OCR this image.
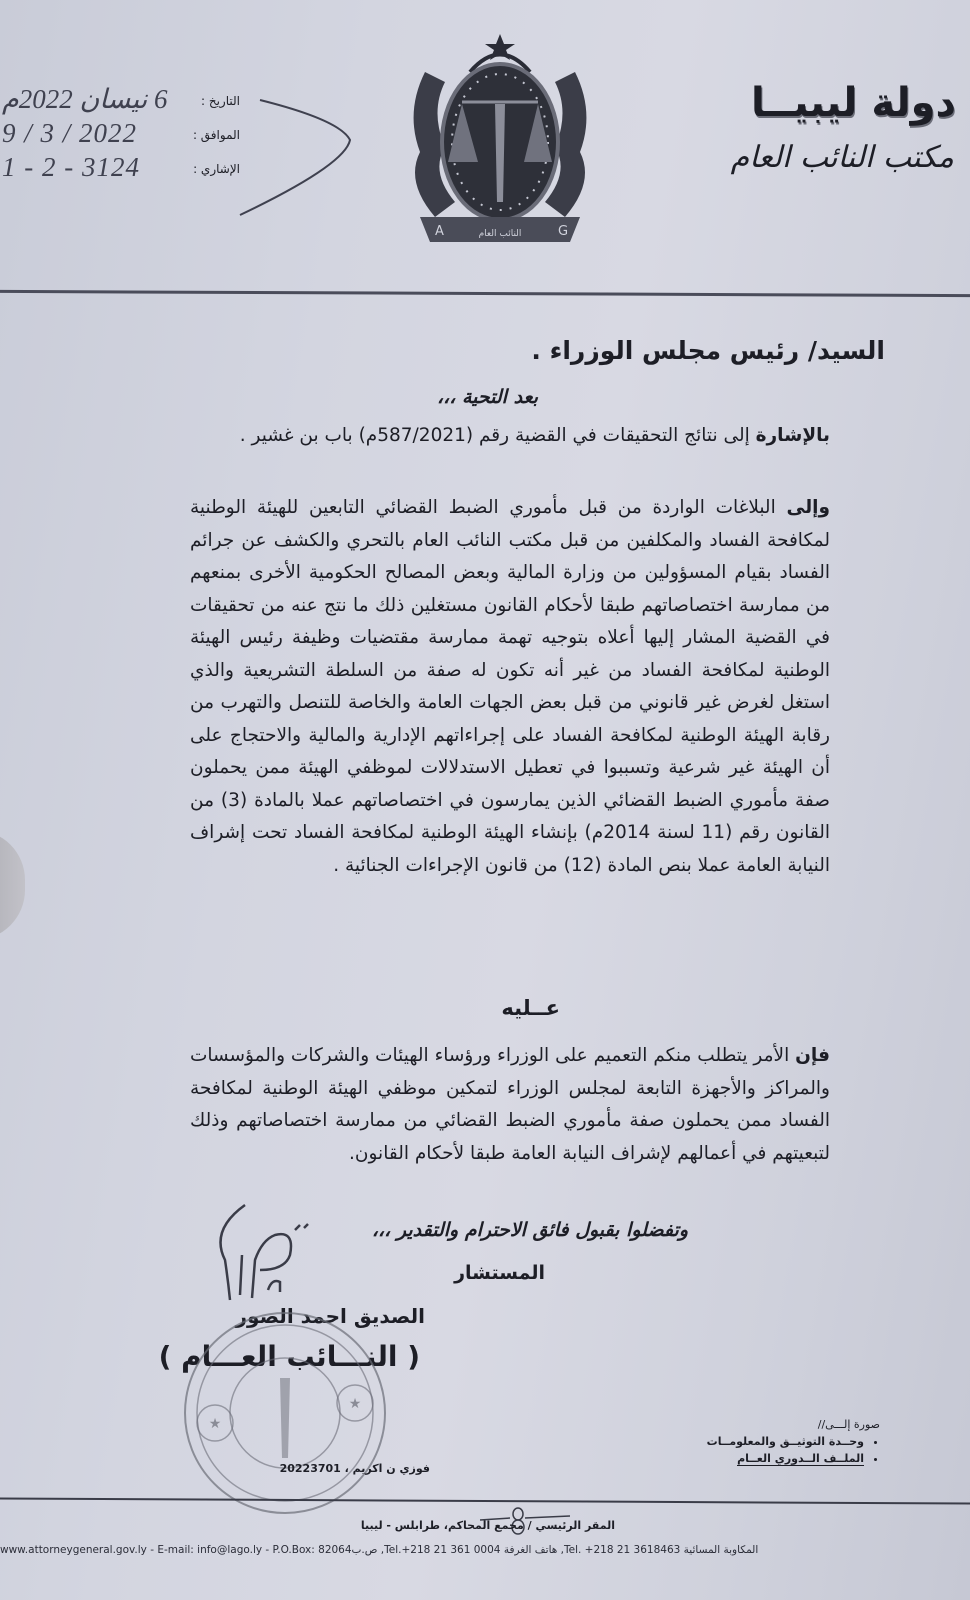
دولة ليبيــا
مكتب النائب العام
التاريخ :
6 نيسان 2022م
الموافق :
2022 / 3 / 9
الإشاري :
3124 - 2 - 1
A	G
النائب العام
السيد/ رئيس مجلس الوزراء .
بعد التحية ،،،
بالإشارة إلى نتائج التحقيقات في القضية رقم (587/2021م) باب بن غشير .
وإلى البلاغات الواردة من قبل مأموري الضبط القضائي التابعين للهيئة الوطنية لمكافحة الفساد والمكلفين من قبل مكتب النائب العام بالتحري والكشف عن جرائم الفساد بقيام المسؤولين من وزارة المالية وبعض المصالح الحكومية الأخرى بمنعهم من ممارسة اختصاصاتهم طبقا لأحكام القانون مستغلين ذلك ما نتج عنه من تحقيقات في القضية المشار إليها أعلاه بتوجيه تهمة ممارسة مقتضيات وظيفة رئيس الهيئة الوطنية لمكافحة الفساد من غير أنه تكون له صفة من السلطة التشريعية والذي استغل لغرض غير قانوني من قبل بعض الجهات العامة والخاصة للتنصل والتهرب من رقابة الهيئة الوطنية لمكافحة الفساد على إجراءاتهم الإدارية والمالية والاحتجاج على أن الهيئة غير شرعية وتسببوا في تعطيل الاستدلالات لموظفي الهيئة ممن يحملون صفة مأموري الضبط القضائي الذين يمارسون في اختصاصاتهم عملا بالمادة (3) من القانون رقم (11 لسنة 2014م) بإنشاء الهيئة الوطنية لمكافحة الفساد تحت إشراف النيابة العامة عملا بنص المادة (12) من قانون الإجراءات الجنائية .
عــليه
فإن الأمر يتطلب منكم التعميم على الوزراء ورؤساء الهيئات والشركات والمؤسسات والمراكز والأجهزة التابعة لمجلس الوزراء لتمكين موظفي الهيئة الوطنية لمكافحة الفساد ممن يحملون صفة مأموري الضبط القضائي من ممارسة اختصاصاتهم وذلك لتبعيتهم في أعمالهم لإشراف النيابة العامة طبقا لأحكام القانون.
وتفضلوا بقبول فائق الاحترام والتقدير ،،،
المستشار
الصديق احمد الصور
( النـــائب العـــام )
★
★
صورة إلـــى//
• وحــدة التوثيــق والمعلومــات
• الملــف الــدوري العــام
فوزي ن اكريم ، 20223701
المقر الرئيسي / مجمع المحاكم، طرابلس - ليبيا
www.attorneygeneral.gov.ly - E-mail: info@lago.ly - P.O.Box: 82064ص.ب ,Tel.+218 21 361 0004 هاتف الغرفة ,Tel. +218 21 3618463 المكاوبة المسائية
